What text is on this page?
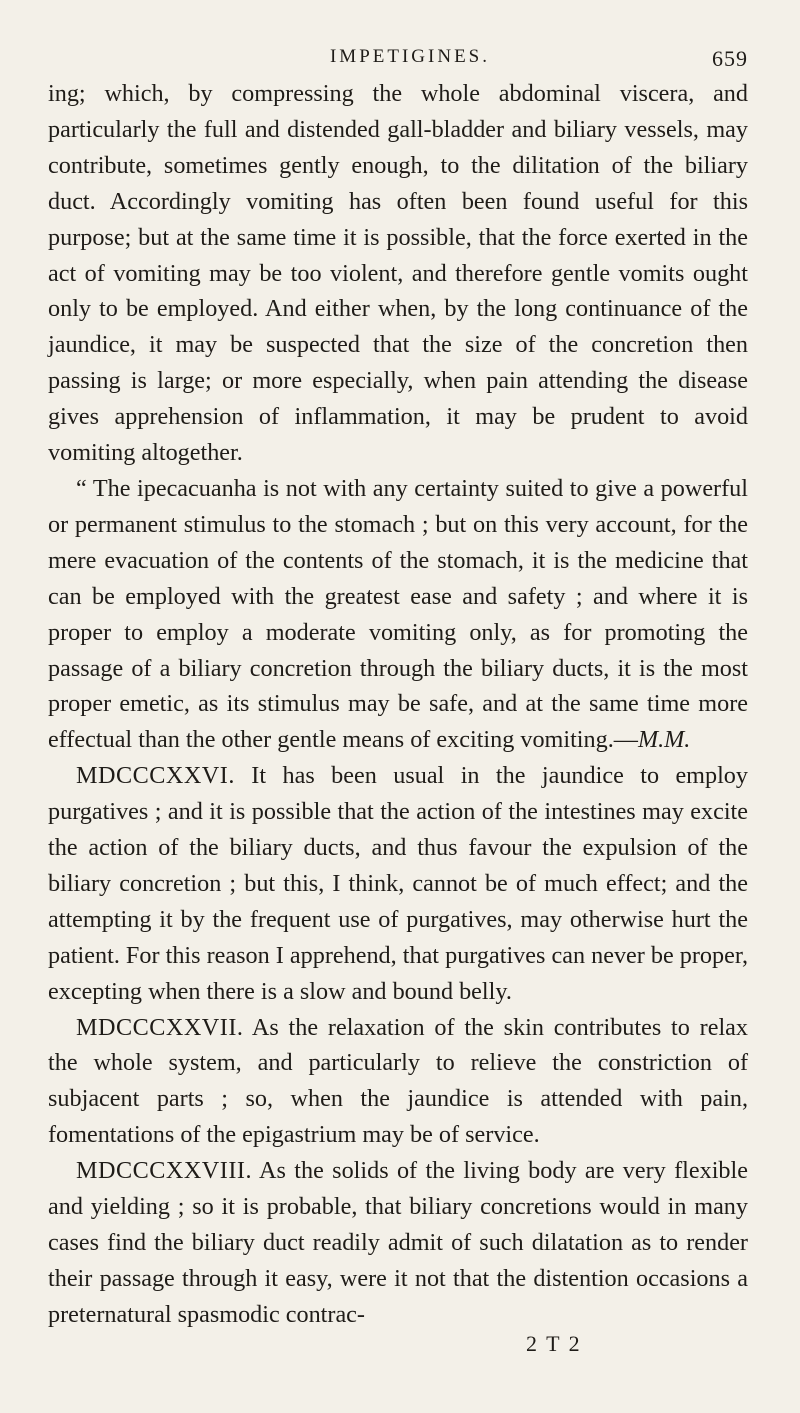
IMPETIGINES.	659

ing; which, by compressing the whole abdominal viscera, and particularly the full and distended gall-bladder and biliary vessels, may contribute, sometimes gently enough, to the dilitation of the biliary duct. Accordingly vomiting has often been found useful for this purpose; but at the same time it is possible, that the force exerted in the act of vomiting may be too violent, and therefore gentle vomits ought only to be employed. And either when, by the long continuance of the jaundice, it may be suspected that the size of the concretion then passing is large; or more especially, when pain attending the disease gives apprehension of inflammation, it may be prudent to avoid vomiting altogether.

“ The ipecacuanha is not with any certainty suited to give a powerful or permanent stimulus to the stomach ; but on this very account, for the mere evacuation of the contents of the stomach, it is the medicine that can be employed with the greatest ease and safety ; and where it is proper to employ a moderate vomiting only, as for promoting the passage of a biliary concretion through the biliary ducts, it is the most proper emetic, as its stimulus may be safe, and at the same time more effectual than the other gentle means of exciting vomiting.—M.M.

MDCCCXXVI. It has been usual in the jaundice to employ purgatives ; and it is possible that the action of the intestines may excite the action of the biliary ducts, and thus favour the expulsion of the biliary concretion ; but this, I think, cannot be of much effect; and the attempting it by the frequent use of purgatives, may otherwise hurt the patient. For this reason I apprehend, that purgatives can never be proper, excepting when there is a slow and bound belly.

MDCCCXXVII. As the relaxation of the skin contributes to relax the whole system, and particularly to relieve the constriction of subjacent parts ; so, when the jaundice is attended with pain, fomentations of the epigastrium may be of service.

MDCCCXXVIII. As the solids of the living body are very flexible and yielding ; so it is probable, that biliary concretions would in many cases find the biliary duct readily admit of such dilatation as to render their passage through it easy, were it not that the distention occasions a preternatural spasmodic contrac-

2 T 2
